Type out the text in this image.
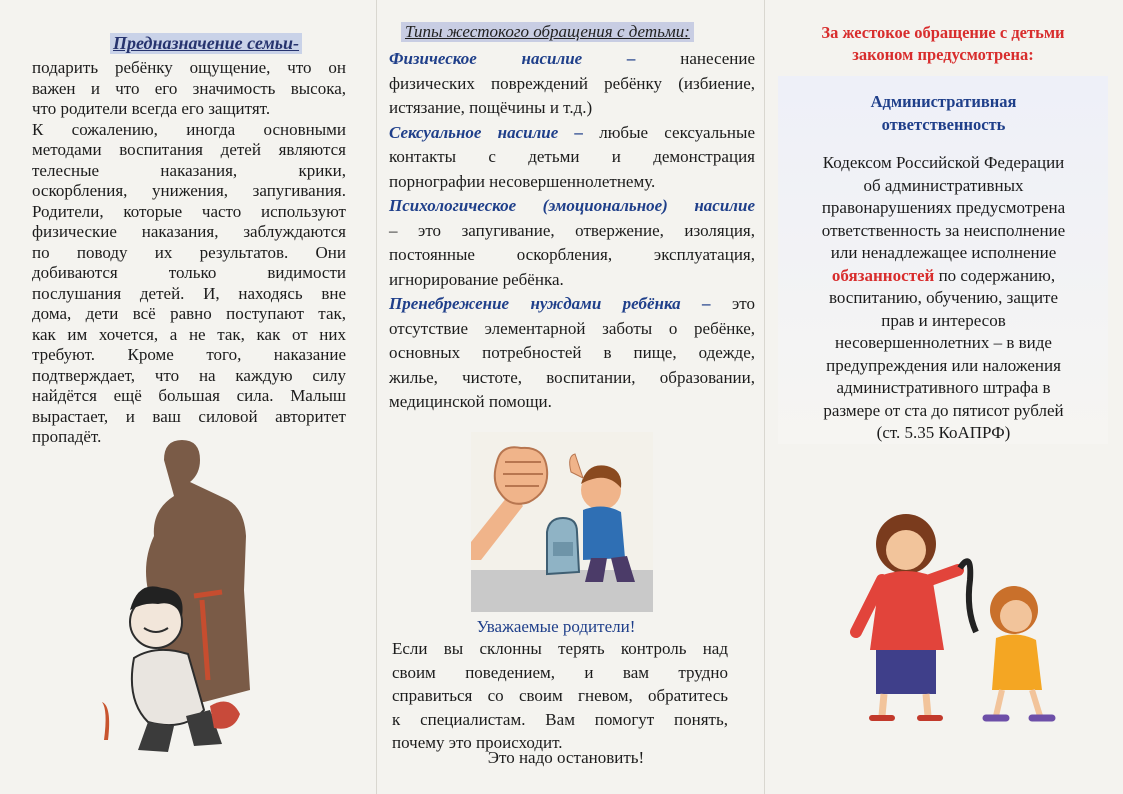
Предназначение семьи-
подарить ребёнку ощущение, что он
важен и что его значимость высока,
что родители всегда его защитят.
К сожалению, иногда основными
методами воспитания детей являются
телесные наказания, крики,
оскорбления, унижения, запугивания.
Родители, которые часто используют
физические наказания, заблуждаются
по поводу их результатов. Они
добиваются только видимости
послушания детей. И, находясь вне
дома, дети всё равно поступают так,
как им хочется, а не так, как от них
требуют. Кроме того, наказание
подтверждает, что на каждую силу
найдётся ещё большая сила. Малыш
вырастает, и ваш силовой авторитет
пропадёт.
Типы жестокого обращения с детьми:
Физическое насилие –	нанесение
физических повреждений ребёнку (избиение,
истязание, пощёчины и т.д.)
Сексуальное насилие – любые сексуальные
контакты с детьми и демонстрация
порнографии несовершеннолетнему.
Психологическое (эмоциональное) насилие
– это запугивание, отвержение, изоляция,
постоянные оскорбления, эксплуатация,
игнорирование ребёнка.
Пренебрежение нуждами ребёнка – это
отсутствие элементарной заботы о ребёнке,
основных потребностей в пище, одежде,
жилье, чистоте, воспитании, образовании,
медицинской помощи.
Уважаемые родители!
Если вы склонны терять контроль над
своим поведением, и вам трудно
справиться со своим гневом, обратитесь
к специалистам. Вам помогут понять,
почему это происходит.
Это надо остановить!
За жестокое обращение с детьми
законом предусмотрена:
Административная
ответственность
Кодексом Российской Федерации
об административных
правонарушениях предусмотрена
ответственность за неисполнение
или ненадлежащее исполнение
обязанностей по содержанию,
воспитанию, обучению, защите
прав и интересов
несовершеннолетних – в виде
предупреждения или наложения
административного штрафа в
размере от ста до пятисот рублей
(ст. 5.35 КоАПРФ)
